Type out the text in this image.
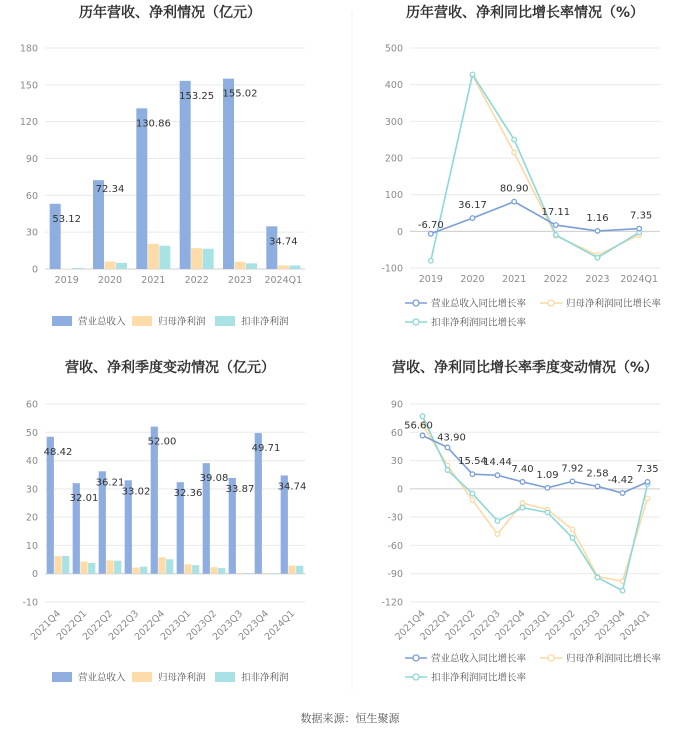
历年营收、净利情况（亿元）
0
30
60
90
120
150
180
2019 2020 2021 2022 2023 2024Q1
53.12
72.34
130.86
153.25 155.02
34.74
营业总收入	归母净利润	扣非净利润
历年营收、净利同比增长率情况（%）
-100
0
100
200
300
400
500
2019 2020 2021 2022 2023 2024Q1
-6.70
36.17
80.90
17.11
1.16 7.35
营业总收入同比增长率	归母净利润同比增长率
扣非净利润同比增长率
营收、净利季度变动情况（亿元）
-10
0
10
20
30
40
50
60
2021Q4
2022Q1
2022Q2
2022Q3
2022Q4
2023Q1
2023Q2
2023Q3
2023Q4
2024Q1
48.42
32.01
36.21
33.02
52.00
32.36
39.08
33.87
49.71
34.74
营业总收入	归母净利润	扣非净利润
营收、净利同比增长率季度变动情况（%）
-120
-90
-60
-30
0
30
60
90
2021Q4
2022Q1
2022Q2
2022Q3
2022Q4
2023Q1
2023Q2
2023Q3
2023Q4
2024Q1
56.60
43.90
15.54
14.44
7.40
1.09
7.92 2.58
-4.42
7.35
营业总收入同比增长率	归母净利润同比增长率
扣非净利润同比增长率
数据来源：恒生聚源
